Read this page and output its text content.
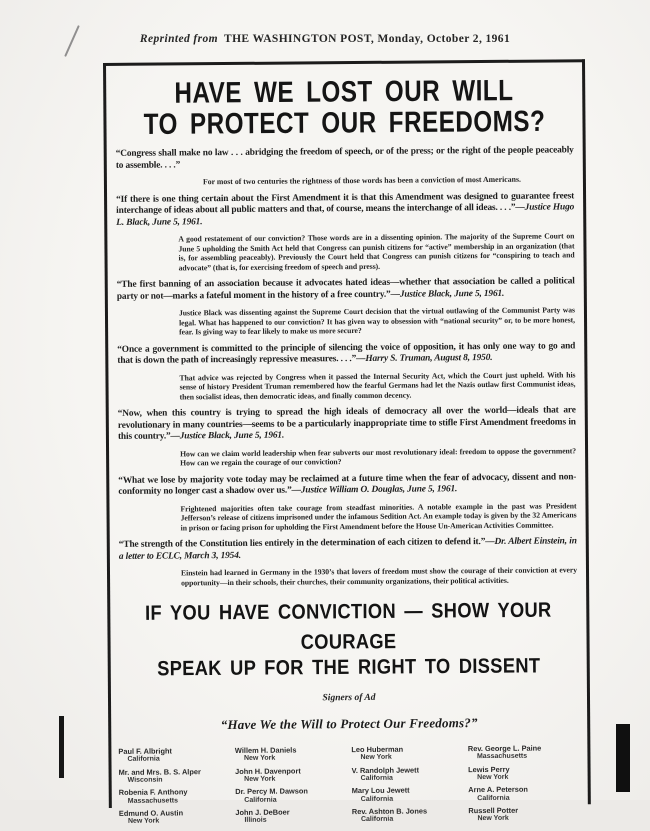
Reprinted from THE WASHINGTON POST, Monday, October 2, 1961
HAVE WE LOST OUR WILL
TO PROTECT OUR FREEDOMS?
“Congress shall make no law . . . abridging the freedom of speech, or of the press; or the right of the people peaceably to assemble. . . .”
For most of two centuries the rightness of those words has been a conviction of most Americans.
“If there is one thing certain about the First Amendment it is that this Amendment was designed to guarantee freest interchange of ideas about all public matters and that, of course, means the interchange of all ideas. . . .”—Justice Hugo L. Black, June 5, 1961.
A good restatement of our conviction? Those words are in a dissenting opinion. The majority of the Supreme Court on June 5 upholding the Smith Act held that Congress can punish citizens for “active” membership in an organization (that is, for assembling peaceably). Previously the Court held that Congress can punish citizens for “conspiring to teach and advocate” (that is, for exercising freedom of speech and press).
“The first banning of an association because it advocates hated ideas—whether that association be called a political party or not—marks a fateful moment in the history of a free country.”—Justice Black, June 5, 1961.
Justice Black was dissenting against the Supreme Court decision that the virtual outlawing of the Communist Party was legal. What has happened to our conviction? It has given way to obsession with “national security” or, to be more honest, fear. Is giving way to fear likely to make us more secure?
“Once a government is committed to the principle of silencing the voice of opposition, it has only one way to go and that is down the path of increasingly repressive measures. . . .”—Harry S. Truman, August 8, 1950.
That advice was rejected by Congress when it passed the Internal Security Act, which the Court just upheld. With his sense of history President Truman remembered how the fearful Germans had let the Nazis outlaw first Communist ideas, then socialist ideas, then democratic ideas, and finally common decency.
“Now, when this country is trying to spread the high ideals of democracy all over the world—ideals that are revolutionary in many countries—seems to be a particularly inappropriate time to stifle First Amendment freedoms in this country.”—Justice Black, June 5, 1961.
How can we claim world leadership when fear subverts our most revolutionary ideal: freedom to oppose the government? How can we regain the courage of our conviction?
“What we lose by majority vote today may be reclaimed at a future time when the fear of advocacy, dissent and non-conformity no longer cast a shadow over us.”—Justice William O. Douglas, June 5, 1961.
Frightened majorities often take courage from steadfast minorities. A notable example in the past was President Jefferson’s release of citizens imprisoned under the infamous Sedition Act. An example today is given by the 32 Americans in prison or facing prison for upholding the First Amendment before the House Un-American Activities Committee.
“The strength of the Constitution lies entirely in the determination of each citizen to defend it.”—Dr. Albert Einstein, in a letter to ECLC, March 3, 1954.
Einstein had learned in Germany in the 1930’s that lovers of freedom must show the courage of their conviction at every opportunity—in their schools, their churches, their community organizations, their political activities.
IF YOU HAVE CONVICTION — SHOW YOUR COURAGE
SPEAK UP FOR THE RIGHT TO DISSENT
Signers of Ad
“Have We the Will to Protect Our Freedoms?”
Paul F. Albright
California
Mr. and Mrs. B. S. Alper
Wisconsin
Robenia F. Anthony
Massachusetts
Edmund O. Austin
New York
Willem H. Daniels
New York
John H. Davenport
New York
Dr. Percy M. Dawson
California
John J. DeBoer
Illinois
Leo Huberman
New York
V. Randolph Jewett
California
Mary Lou Jewett
California
Rev. Ashton B. Jones
California
Rev. George L. Paine
Massachusetts
Lewis Perry
New York
Arne A. Peterson
California
Russell Potter
New York
